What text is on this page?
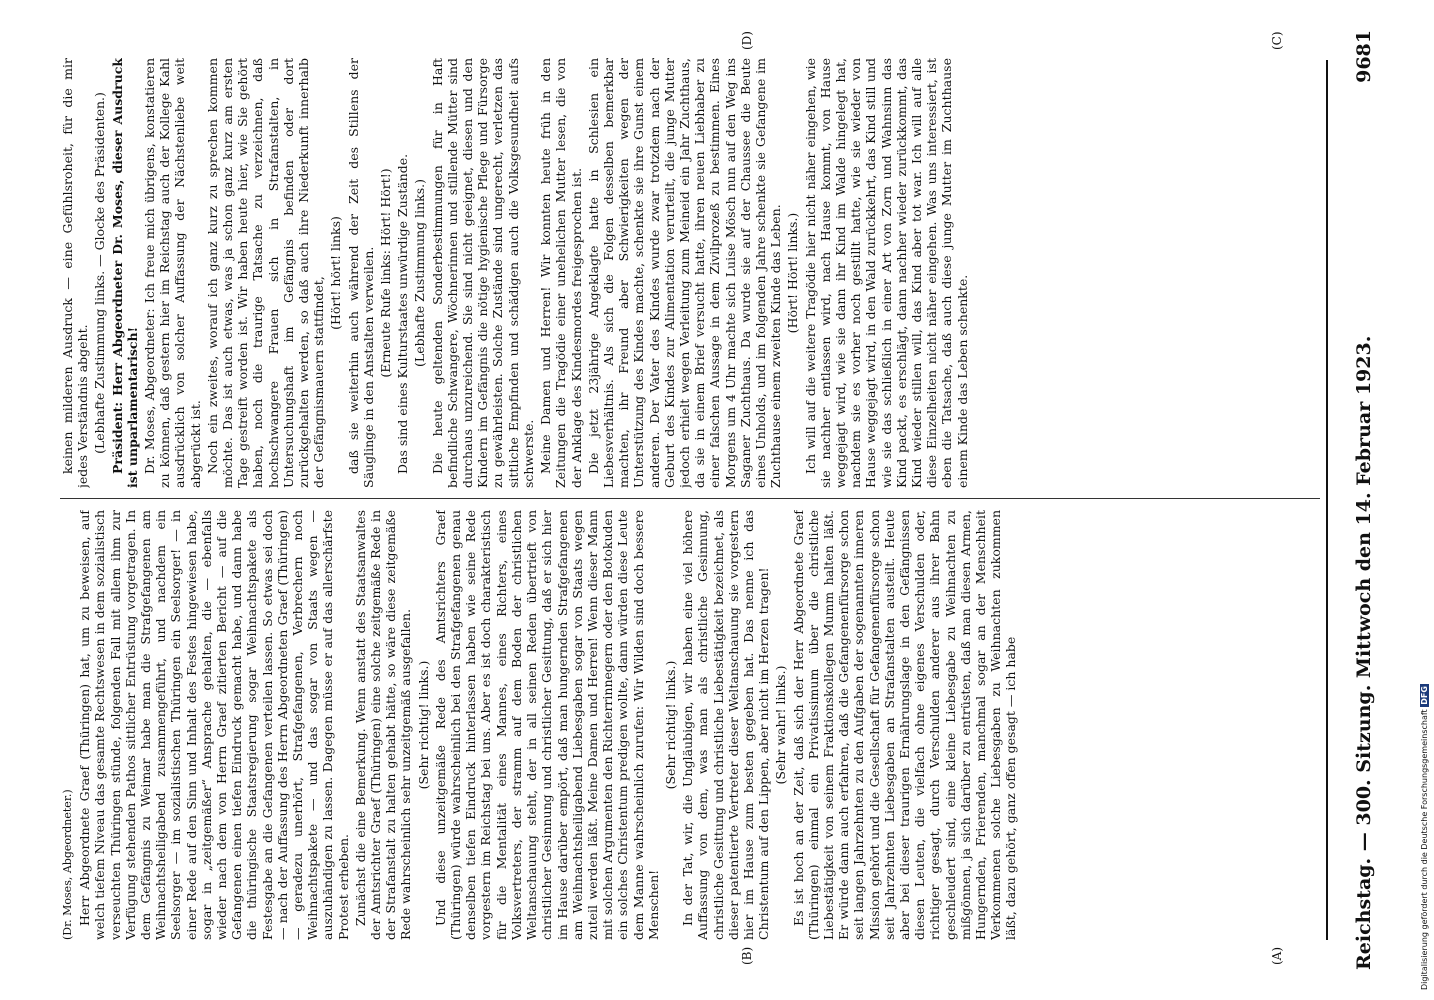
Reichstag. — 300. Sitzung. Mittwoch den 14. Februar 1923.
9681

(Dr. Moses, Abgeordneter.) Herr Abgeordnete Graef (Thüringen) hat, um zu beweisen, auf welch tiefem Niveau das gesamte Rechtswesen in dem sozialistisch verseuchten Thüringen stünde, folgenden Fall mit allem ihm zur Verfügung stehenden Pathos sittlicher Entrüstung vorgetragen. In dem Gefängnis zu Weimar habe man die Strafgefangenen am Weihnachtsheiligabend zusammengeführt, und nachdem ein Seelsorger — im sozialistischen Thüringen ein Seelsorger! — in einer Rede auf den Sinn und Inhalt des Festes hingewiesen habe, sogar in „zeitgemäßer“ Ansprache gehalten, die — ebenfalls wieder nach dem von Herrn Graef zitierten Bericht — auf die Gefangenen einen tiefen Eindruck gemacht habe, und dann habe die thüringische Staatsregierung sogar Weihnachtspakete als Festesgabe an die Gefangenen verteilen lassen. So etwas sei doch — nach der Auffassung des Herrn Abgeordneten Graef (Thüringen) — geradezu unerhört, Strafgefangenen, Verbrechern noch Weihnachtspakete — und das sogar von Staats wegen — auszuhändigen zu lassen. Dagegen müsse er auf das allerschärfste Protest erheben. Zunächst die eine Bemerkung. Wenn anstatt des Staatsanwaltes der Amtsrichter Graef (Thüringen) eine solche zeitgemäße Rede in der Strafanstalt zu halten gehabt hätte, so wäre diese zeitgemäße Rede wahrscheinlich sehr unzeitgemäß ausgefallen. (Sehr richtig! links.) Und diese unzeitgemäße Rede des Amtsrichters Graef (Thüringen) würde wahrscheinlich bei den Strafgefangenen genau denselben tiefen Eindruck hinterlassen haben wie seine Rede vorgestern im Reichstag bei uns. Aber es ist doch charakteristisch für die Mentalität eines Mannes, eines Richters, eines Volksvertreters, der stramm auf dem Boden der christlichen Weltanschauung steht, der in all seinen Reden übertrieft von christlicher Gesinnung und christlicher Gesittung, daß er sich hier im Hause darüber empört, daß man hungernden Strafgefangenen am Weihnachtsheiligabend Liebesgaben sogar von Staats wegen zuteil werden läßt. Meine Damen und Herren! Wenn dieser Mann mit solchen Argumenten den Richterrinnegern oder den Botokuden ein solches Christentum predigen wollte, dann würden diese Leute dem Manne wahrscheinlich zurufen: Wir Wilden sind doch bessere Menschen!

(Sehr richtig! links.) In der Tat, wir, die Ungläubigen, wir haben eine viel höhere Auffassung von dem, was man als christliche Gesinnung, christliche Gesittung und christliche Liebestätigkeit bezeichnet, als dieser patentierte Vertreter dieser Weltanschauung sie vorgestern hier im Hause zum besten gegeben hat. Das nenne ich das Christentum auf den Lippen, aber nicht im Herzen tragen! (Sehr wahr! links.) Es ist hoch an der Zeit, daß sich der Herr Abgeordnete Graef (Thüringen) einmal ein Privatissimum über die christliche Liebestätigkeit von seinem Fraktionskollegen Mumm halten läßt. Er würde dann auch erfahren, daß die Gefangenenfürsorge schon seit langen Jahrzehnten zu den Aufgaben der sogenannten inneren Mission gehört und die Gesellschaft für Gefangenenfürsorge schon seit Jahrzehnten Liebesgaben an Strafanstalten austeilt. Heute aber bei dieser traurigen Ernährungslage in den Gefängnissen diesen Leuten, die vielfach ohne eigenes Verschulden oder, richtiger gesagt, durch Verschulden anderer aus ihrer Bahn geschleudert sind, eine kleine Liebesgabe zu Weihnachten zu mißgönnen, ja sich darüber zu entrüsten, daß man diesen Armen, Hungernden, Frierenden, manchmal sogar an der Menschheit Verkommenen solche Liebesgaben zu Weihnachten zukommen läßt, dazu gehört, ganz offen gesagt — ich habe

keinen milderen Ausdruck — eine Gefühlsroheit, für die mir jedes Verständnis abgeht. (Lebhafte Zustimmung links. — Glocke des Präsidenten.) Präsident: Herr Abgeordneter Dr. Moses, dieser Ausdruck ist unparlamentarisch! Dr. Moses, Abgeordneter: Ich freue mich übrigens, konstatieren zu können, daß gestern hier im Reichstag auch der Kollege Kahl ausdrücklich von solcher Auffassung der Nächstenliebe weit abgerückt ist. Noch ein zweites, worauf ich ganz kurz zu sprechen kommen möchte. Das ist auch etwas, was ja schon ganz kurz am ersten Tage gestreift worden ist. Wir haben heute hier, wie Sie gehört haben, noch die traurige Tatsache zu verzeichnen, daß hochschwangere Frauen sich in Strafanstalten, in Untersuchungshaft im Gefängnis befinden oder dort zurückgehalten werden, so daß auch ihre Niederkunft innerhalb der Gefängnismauern stattfindet,

(Hört! hört! links) daß sie weiterhin auch während der Zeit des Stillens der Säuglinge in den Anstalten verweilen. (Erneute Rufe links: Hört! Hört!) Das sind eines Kulturstaates unwürdige Zustände. (Lebhafte Zustimmung links.) Die heute geltenden Sonderbestimmungen für in Haft befindliche Schwangere, Wöchnerinnen und stillende Mütter sind durchaus unzureichend. Sie sind nicht geeignet, diesen und den Kindern im Gefängnis die nötige hygienische Pflege und Fürsorge zu gewährleisten. Solche Zustände sind ungerecht, verletzen das sittliche Empfinden und schädigen auch die Volksgesundheit aufs schwerste. Meine Damen und Herren! Wir konnten heute früh in den Zeitungen die Tragödie einer unehelichen Mutter lesen, die von der Anklage des Kindesmordes freigesprochen ist. Die jetzt 23jährige Angeklagte hatte in Schlesien ein Liebesverhältnis. Als sich die Folgen desselben bemerkbar machten, ihr Freund aber Schwierigkeiten wegen der Unterstützung des Kindes machte, schenkte sie ihre Gunst einem anderen. Der Vater des Kindes wurde zwar trotzdem nach der Geburt des Kindes zur Alimentation verurteilt, die junge Mutter jedoch erhielt wegen Verleitung zum Meineid ein Jahr Zuchthaus, da sie in einem Brief versucht hatte, ihren neuen Liebhaber zu einer falschen Aussage in dem Zivilprozeß zu bestimmen. Eines Morgens um 4 Uhr machte sich Luise Mösch nun auf den Weg ins Saganer Zuchthaus. Da wurde sie auf der Chaussee die Beute eines Unholds, und im folgenden Jahre schenkte sie Gefangene im Zuchthause einem zweiten Kinde das Leben. (Hört! Hört! links.) Ich will auf die weitere Tragödie hier nicht näher eingehen, wie sie nachher entlassen wird, nach Hause kommt, von Hause weggejagt wird, wie sie dann ihr Kind im Walde hingelegt hat, nachdem sie es vorher noch gestillt hatte, wie sie wieder von Hause weggejagt wird, in den Wald zurückkehrt, das Kind still und wie sie das schließlich in einer Art von Zorn und Wahnsinn das Kind packt, es erschlägt, dann nachher wieder zurückkommt, das Kind wieder stillen will, das Kind aber tot war. Ich will auf alle diese Einzelheiten nicht näher eingehen. Was uns interessiert, ist eben die Tatsache, daß auch diese junge Mutter im Zuchthause einem Kinde das Leben schenkte.

(A)
(B)
(C)
(D)
Digitalisierung gefördert durch die Deutsche Forschungsgemeinschaft DFG
